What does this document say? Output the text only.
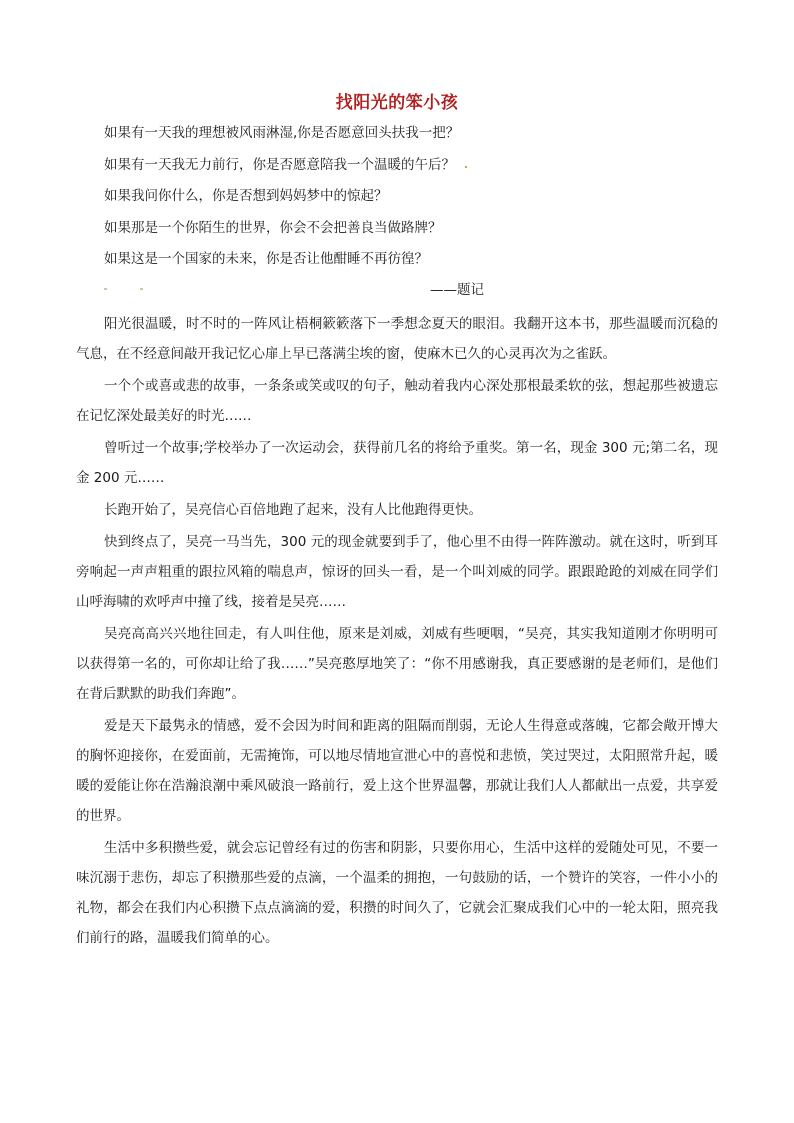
找阳光的笨小孩
如果有一天我的理想被风雨淋湿,你是否愿意回头扶我一把？
如果有一天我无力前行，你是否愿意陪我一个温暖的午后？
如果我问你什么，你是否想到妈妈梦中的惊起？
如果那是一个你陌生的世界，你会不会把善良当做路牌？
如果这是一个国家的未来，你是否让他酣睡不再彷徨？
——题记

阳光很温暖，时不时的一阵风让梧桐簌簌落下一季想念夏天的眼泪。我翻开这本书，那些温暖而沉稳的气息，在不经意间敲开我记忆心扉上早已落满尘埃的窗，使麻木已久的心灵再次为之雀跃。

一个个或喜或悲的故事，一条条或笑或叹的句子，触动着我内心深处那根最柔软的弦，想起那些被遗忘在记忆深处最美好的时光……

曾听过一个故事;学校举办了一次运动会，获得前几名的将给予重奖。第一名，现金 300 元;第二名，现金 200 元……

长跑开始了，吴亮信心百倍地跑了起来，没有人比他跑得更快。

快到终点了，吴亮一马当先，300 元的现金就要到手了，他心里不由得一阵阵激动。就在这时，听到耳旁响起一声声粗重的跟拉风箱的喘息声，惊讶的回头一看，是一个叫刘威的同学。跟跟跄跄的刘威在同学们山呼海啸的欢呼声中撞了线，接着是吴亮……

吴亮高高兴兴地往回走，有人叫住他，原来是刘威，刘威有些哽咽，“吴亮，其实我知道刚才你明明可以获得第一名的，可你却让给了我……”吴亮憨厚地笑了：“你不用感谢我，真正要感谢的是老师们，是他们在背后默默的助我们奔跑”。

爱是天下最隽永的情感，爱不会因为时间和距离的阻隔而削弱，无论人生得意或落魄，它都会敞开博大的胸怀迎接你，在爱面前，无需掩饰，可以地尽情地宣泄心中的喜悦和悲愤，笑过哭过，太阳照常升起，暖暖的爱能让你在浩瀚浪潮中乘风破浪一路前行，爱上这个世界温馨，那就让我们人人都献出一点爱，共享爱的世界。

生活中多积攒些爱，就会忘记曾经有过的伤害和阴影，只要你用心，生活中这样的爱随处可见，不要一味沉溺于悲伤，却忘了积攒那些爱的点滴，一个温柔的拥抱，一句鼓励的话，一个赞许的笑容，一件小小的礼物，都会在我们内心积攒下点点滴滴的爱，积攒的时间久了，它就会汇聚成我们心中的一轮太阳，照亮我们前行的路，温暖我们简单的心。
